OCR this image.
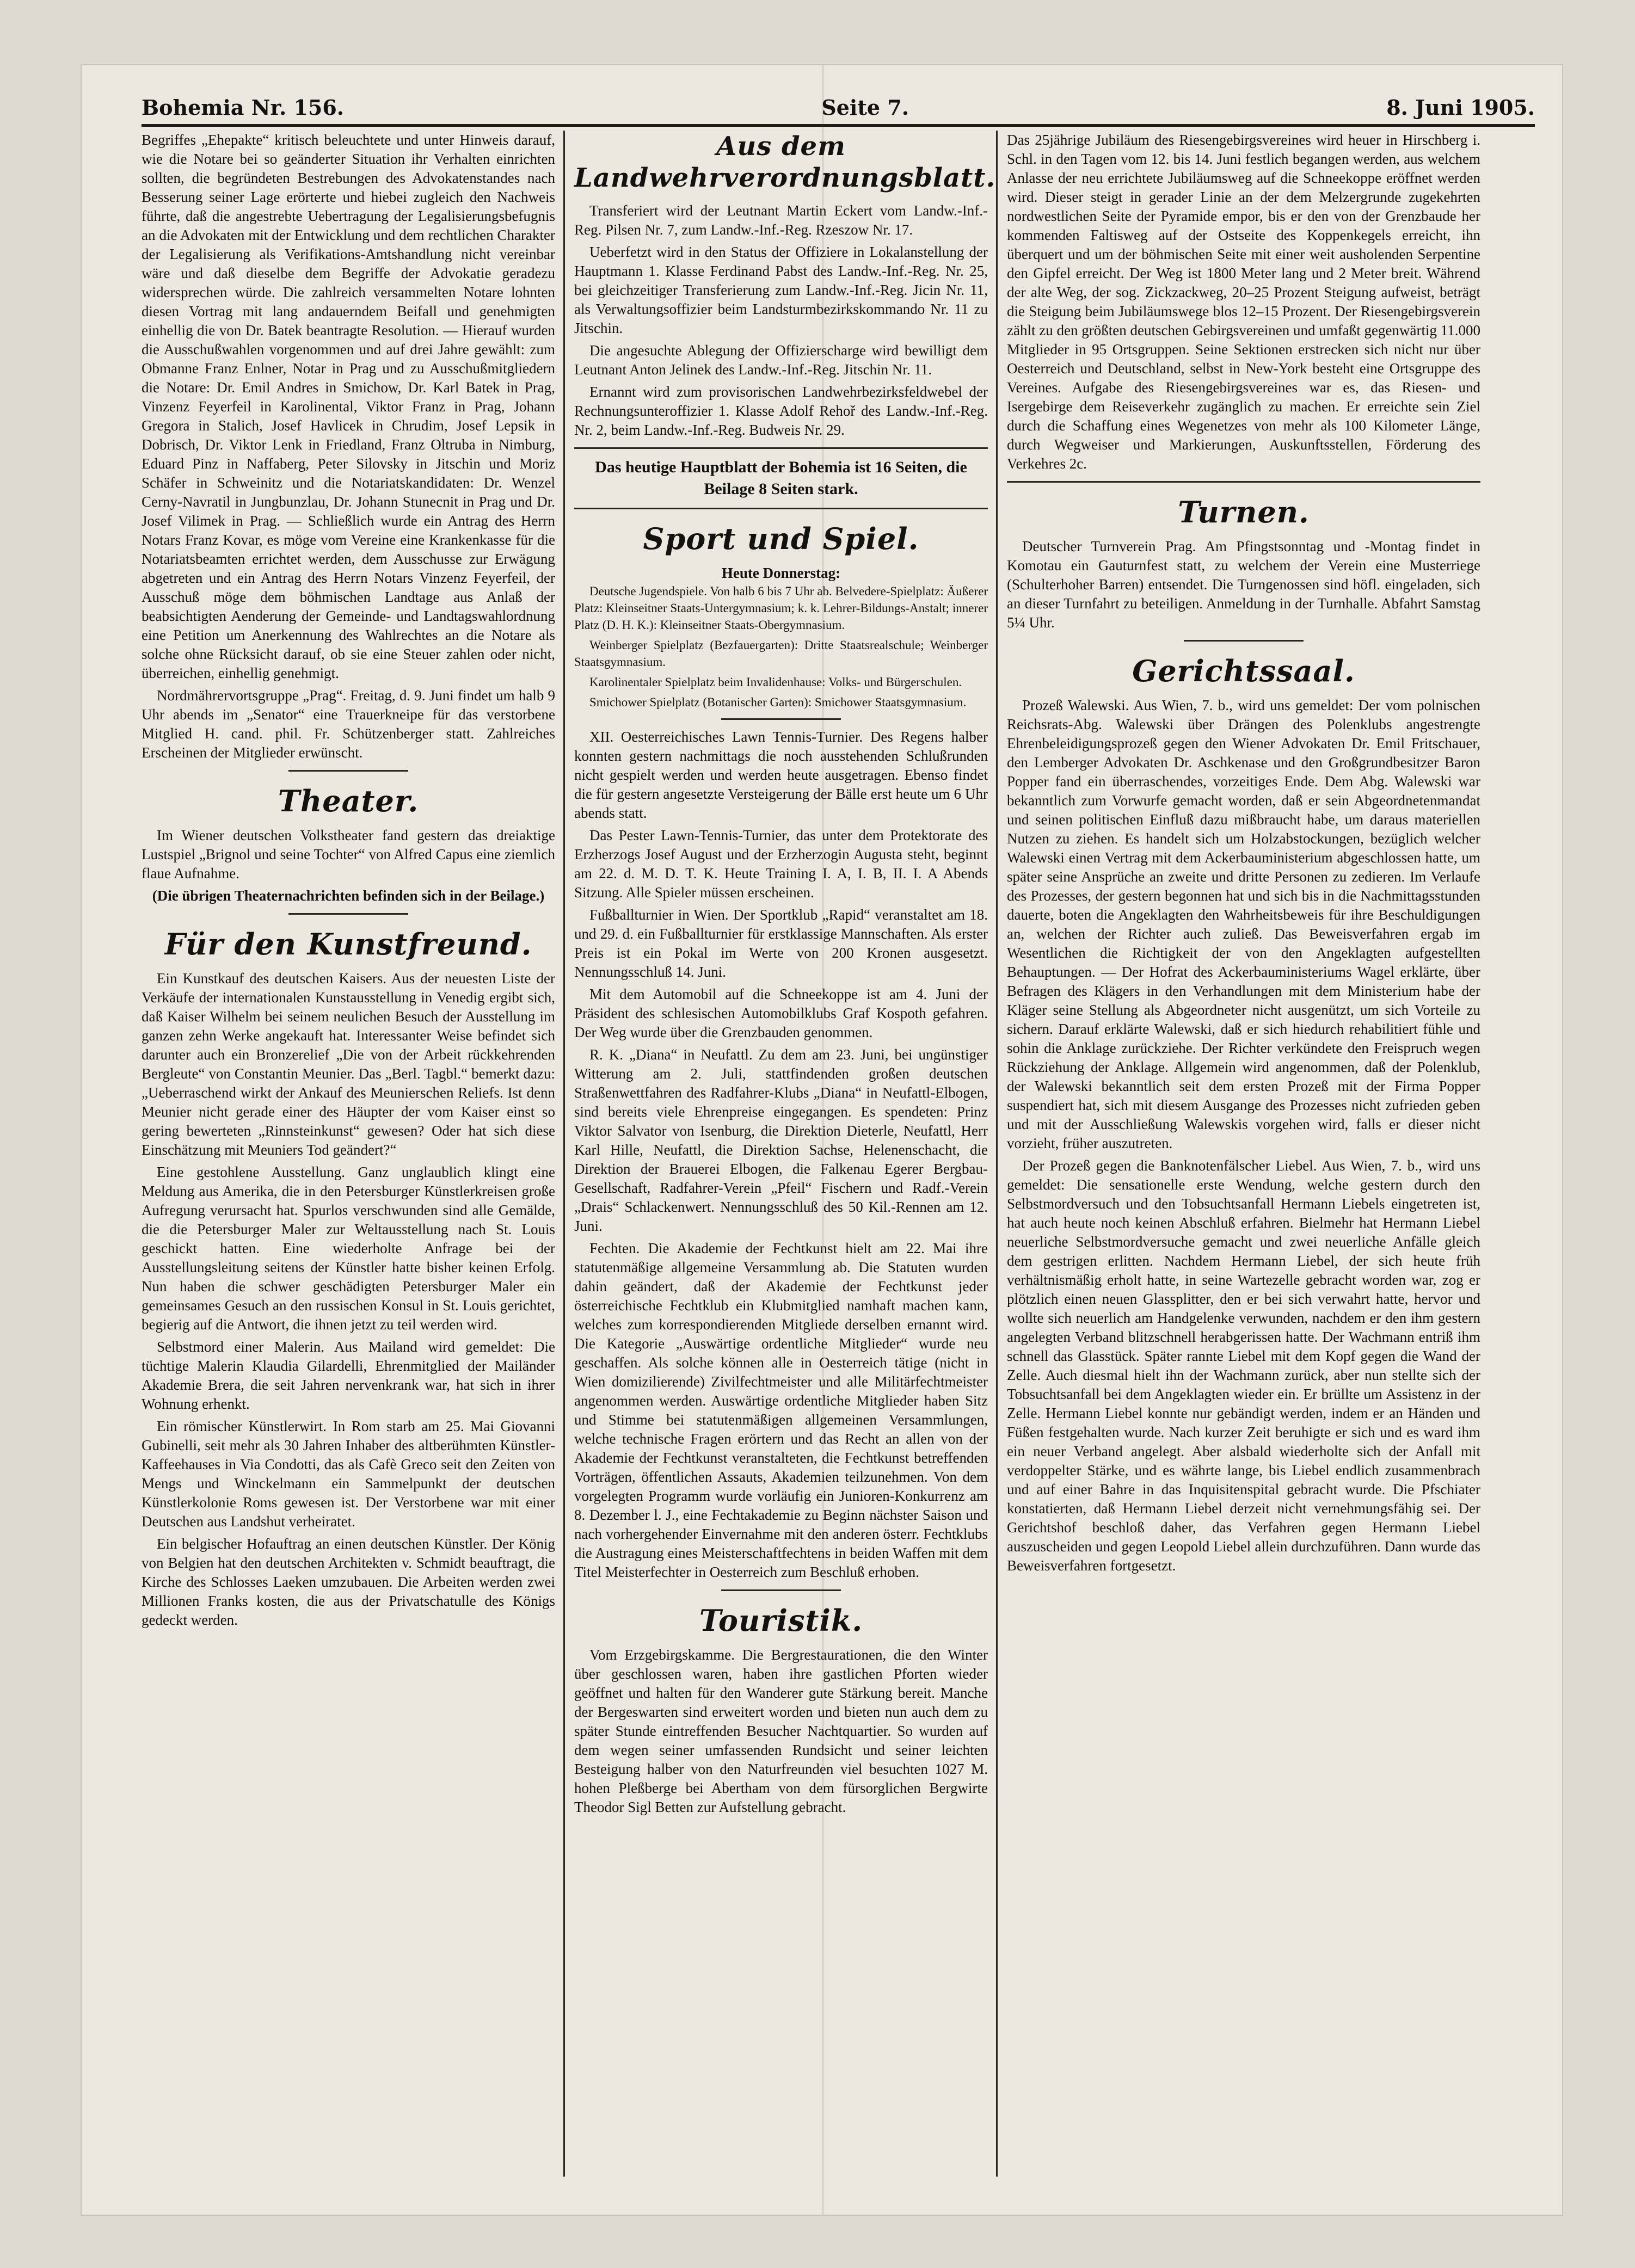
Bohemia Nr. 156.	Seite 7.	8. Juni 1905.

Begriffes „Ehepakte“ kritisch beleuchtete und unter Hinweis darauf, wie die Notare bei so geänderter Situation ihr Verhalten einrichten sollten, die begründeten Bestrebungen des Advokatenstandes nach Besserung seiner Lage erörterte und hiebei zugleich den Nachweis führte, daß die angestrebte Uebertragung der Legalisierungsbefugnis an die Advokaten mit der Entwicklung und dem rechtlichen Charakter der Legalisierung als Verifikations-Amtshandlung nicht vereinbar wäre und daß dieselbe dem Begriffe der Advokatie geradezu widersprechen würde. Die zahlreich versammelten Notare lohnten diesen Vortrag mit lang andauerndem Beifall und genehmigten einhellig die von Dr. Batek beantragte Resolution. — Hierauf wurden die Ausschußwahlen vorgenommen und auf drei Jahre gewählt: zum Obmanne Franz Enlner, Notar in Prag und zu Ausschußmitgliedern die Notare: Dr. Emil Andres in Smichow, Dr. Karl Batek in Prag, Vinzenz Feyerfeil in Karolinental, Viktor Franz in Prag, Johann Gregora in Stalich, Josef Havlicek in Chrudim, Josef Lepsik in Dobrisch, Dr. Viktor Lenk in Friedland, Franz Oltruba in Nimburg, Eduard Pinz in Naffaberg, Peter Silovsky in Jitschin und Moriz Schäfer in Schweinitz und die Notariatskandidaten: Dr. Wenzel Cerny-Navratil in Jungbunzlau, Dr. Johann Stunecnit in Prag und Dr. Josef Vilimek in Prag. — Schließlich wurde ein Antrag des Herrn Notars Franz Kovar, es möge vom Vereine eine Krankenkasse für die Notariatsbeamten errichtet werden, dem Ausschusse zur Erwägung abgetreten und ein Antrag des Herrn Notars Vinzenz Feyerfeil, der Ausschuß möge dem böhmischen Landtage aus Anlaß der beabsichtigten Aenderung der Gemeinde- und Landtagswahlordnung eine Petition um Anerkennung des Wahlrechtes an die Notare als solche ohne Rücksicht darauf, ob sie eine Steuer zahlen oder nicht, überreichen, einhellig genehmigt.

Nordmährervortsgruppe „Prag“. Freitag, d. 9. Juni findet um halb 9 Uhr abends im „Senator“ eine Trauerkneipe für das verstorbene Mitglied H. cand. phil. Fr. Schützenberger statt. Zahlreiches Erscheinen der Mitglieder erwünscht.

Theater.

Im Wiener deutschen Volkstheater fand gestern das dreiaktige Lustspiel „Brignol und seine Tochter“ von Alfred Capus eine ziemlich flaue Aufnahme.

(Die übrigen Theaternachrichten befinden sich in der Beilage.)

Für den Kunstfreund.

Ein Kunstkauf des deutschen Kaisers. Aus der neuesten Liste der Verkäufe der internationalen Kunstausstellung in Venedig ergibt sich, daß Kaiser Wilhelm bei seinem neulichen Besuch der Ausstellung im ganzen zehn Werke angekauft hat. Interessanter Weise befindet sich darunter auch ein Bronzerelief „Die von der Arbeit rückkehrenden Bergleute“ von Constantin Meunier. Das „Berl. Tagbl.“ bemerkt dazu: „Ueberraschend wirkt der Ankauf des Meunierschen Reliefs. Ist denn Meunier nicht gerade einer des Häupter der vom Kaiser einst so gering bewerteten „Rinnsteinkunst“ gewesen? Oder hat sich diese Einschätzung mit Meuniers Tod geändert?“

Eine gestohlene Ausstellung. Ganz unglaublich klingt eine Meldung aus Amerika, die in den Petersburger Künstlerkreisen große Aufregung verursacht hat. Spurlos verschwunden sind alle Gemälde, die die Petersburger Maler zur Weltausstellung nach St. Louis geschickt hatten. Eine wiederholte Anfrage bei der Ausstellungsleitung seitens der Künstler hatte bisher keinen Erfolg. Nun haben die schwer geschädigten Petersburger Maler ein gemeinsames Gesuch an den russischen Konsul in St. Louis gerichtet, begierig auf die Antwort, die ihnen jetzt zu teil werden wird.

Selbstmord einer Malerin. Aus Mailand wird gemeldet: Die tüchtige Malerin Klaudia Gilardelli, Ehrenmitglied der Mailänder Akademie Brera, die seit Jahren nervenkrank war, hat sich in ihrer Wohnung erhenkt.

Ein römischer Künstlerwirt. In Rom starb am 25. Mai Giovanni Gubinelli, seit mehr als 30 Jahren Inhaber des altberühmten Künstler-Kaffeehauses in Via Condotti, das als Cafè Greco seit den Zeiten von Mengs und Winckelmann ein Sammelpunkt der deutschen Künstlerkolonie Roms gewesen ist. Der Verstorbene war mit einer Deutschen aus Landshut verheiratet.

Ein belgischer Hofauftrag an einen deutschen Künstler. Der König von Belgien hat den deutschen Architekten v. Schmidt beauftragt, die Kirche des Schlosses Laeken umzubauen. Die Arbeiten werden zwei Millionen Franks kosten, die aus der Privatschatulle des Königs gedeckt werden.

Aus dem Landwehrverordnungsblatt.

Transferiert wird der Leutnant Martin Eckert vom Landw.-Inf.-Reg. Pilsen Nr. 7, zum Landw.-Inf.-Reg. Rzeszow Nr. 17.

Ueberfetzt wird in den Status der Offiziere in Lokalanstellung der Hauptmann 1. Klasse Ferdinand Pabst des Landw.-Inf.-Reg. Nr. 25, bei gleichzeitiger Transferierung zum Landw.-Inf.-Reg. Jicin Nr. 11, als Verwaltungsoffizier beim Landsturmbezirkskommando Nr. 11 zu Jitschin.

Die angesuchte Ablegung der Offizierscharge wird bewilligt dem Leutnant Anton Jelinek des Landw.-Inf.-Reg. Jitschin Nr. 11.

Ernannt wird zum provisorischen Landwehrbezirksfeldwebel der Rechnungsunteroffizier 1. Klasse Adolf Rehoř des Landw.-Inf.-Reg. Nr. 2, beim Landw.-Inf.-Reg. Budweis Nr. 29.

Das heutige Hauptblatt der Bohemia ist 16 Seiten, die Beilage 8 Seiten stark.
Sport und Spiel.
Heute Donnerstag:

Deutsche Jugendspiele. Von halb 6 bis 7 Uhr ab. Belvedere-Spielplatz: Äußerer Platz: Kleinseitner Staats-Untergymnasium; k. k. Lehrer-Bildungs-Anstalt; innerer Platz (D. H. K.): Kleinseitner Staats-Obergymnasium.

Weinberger Spielplatz (Bezfauergarten): Dritte Staatsrealschule; Weinberger Staatsgymnasium.

Karolinentaler Spielplatz beim Invalidenhause: Volks- und Bürgerschulen.

Smichower Spielplatz (Botanischer Garten): Smichower Staatsgymnasium.

XII. Oesterreichisches Lawn Tennis-Turnier. Des Regens halber konnten gestern nachmittags die noch ausstehenden Schlußrunden nicht gespielt werden und werden heute ausgetragen. Ebenso findet die für gestern angesetzte Versteigerung der Bälle erst heute um 6 Uhr abends statt.

Das Pester Lawn-Tennis-Turnier, das unter dem Protektorate des Erzherzogs Josef August und der Erzherzogin Augusta steht, beginnt am 22. d. M. D. T. K. Heute Training I. A, I. B, II. I. A Abends Sitzung. Alle Spieler müssen erscheinen.

Fußballturnier in Wien. Der Sportklub „Rapid“ veranstaltet am 18. und 29. d. ein Fußballturnier für erstklassige Mannschaften. Als erster Preis ist ein Pokal im Werte von 200 Kronen ausgesetzt. Nennungsschluß 14. Juni.

Mit dem Automobil auf die Schneekoppe ist am 4. Juni der Präsident des schlesischen Automobilklubs Graf Kospoth gefahren. Der Weg wurde über die Grenzbauden genommen.

R. K. „Diana“ in Neufattl. Zu dem am 23. Juni, bei ungünstiger Witterung am 2. Juli, stattfindenden großen deutschen Straßenwettfahren des Radfahrer-Klubs „Diana“ in Neufattl-Elbogen, sind bereits viele Ehrenpreise eingegangen. Es spendeten: Prinz Viktor Salvator von Isenburg, die Direktion Dieterle, Neufattl, Herr Karl Hille, Neufattl, die Direktion Sachse, Helenenschacht, die Direktion der Brauerei Elbogen, die Falkenau Egerer Bergbau-Gesellschaft, Radfahrer-Verein „Pfeil“ Fischern und Radf.-Verein „Drais“ Schlackenwert. Nennungsschluß des 50 Kil.-Rennen am 12. Juni.

Fechten. Die Akademie der Fechtkunst hielt am 22. Mai ihre statutenmäßige allgemeine Versammlung ab. Die Statuten wurden dahin geändert, daß der Akademie der Fechtkunst jeder österreichische Fechtklub ein Klubmitglied namhaft machen kann, welches zum korrespondierenden Mitgliede derselben ernannt wird. Die Kategorie „Auswärtige ordentliche Mitglieder“ wurde neu geschaffen. Als solche können alle in Oesterreich tätige (nicht in Wien domizilierende) Zivilfechtmeister und alle Militärfechtmeister angenommen werden. Auswärtige ordentliche Mitglieder haben Sitz und Stimme bei statutenmäßigen allgemeinen Versammlungen, welche technische Fragen erörtern und das Recht an allen von der Akademie der Fechtkunst veranstalteten, die Fechtkunst betreffenden Vorträgen, öffentlichen Assauts, Akademien teilzunehmen. Von dem vorgelegten Programm wurde vorläufig ein Junioren-Konkurrenz am 8. Dezember l. J., eine Fechtakademie zu Beginn nächster Saison und nach vorhergehender Einvernahme mit den anderen österr. Fechtklubs die Austragung eines Meisterschaftfechtens in beiden Waffen mit dem Titel Meisterfechter in Oesterreich zum Beschluß erhoben.

Touristik.

Vom Erzgebirgskamme. Die Bergrestaurationen, die den Winter über geschlossen waren, haben ihre gastlichen Pforten wieder geöffnet und halten für den Wanderer gute Stärkung bereit. Manche der Bergeswarten sind erweitert worden und bieten nun auch dem zu später Stunde eintreffenden Besucher Nachtquartier. So wurden auf dem wegen seiner umfassenden Rundsicht und seiner leichten Besteigung halber von den Naturfreunden viel besuchten 1027 M. hohen Pleßberge bei Abertham von dem fürsorglichen Bergwirte Theodor Sigl Betten zur Aufstellung gebracht.

Das 25jährige Jubiläum des Riesengebirgsvereines wird heuer in Hirschberg i. Schl. in den Tagen vom 12. bis 14. Juni festlich begangen werden, aus welchem Anlasse der neu errichtete Jubiläumsweg auf die Schneekoppe eröffnet werden wird. Dieser steigt in gerader Linie an der dem Melzergrunde zugekehrten nordwestlichen Seite der Pyramide empor, bis er den von der Grenzbaude her kommenden Faltisweg auf der Ostseite des Koppenkegels erreicht, ihn überquert und um der böhmischen Seite mit einer weit ausholenden Serpentine den Gipfel erreicht. Der Weg ist 1800 Meter lang und 2 Meter breit. Während der alte Weg, der sog. Zickzackweg, 20–25 Prozent Steigung aufweist, beträgt die Steigung beim Jubiläumswege blos 12–15 Prozent. Der Riesengebirgsverein zählt zu den größten deutschen Gebirgsvereinen und umfaßt gegenwärtig 11.000 Mitglieder in 95 Ortsgruppen. Seine Sektionen erstrecken sich nicht nur über Oesterreich und Deutschland, selbst in New-York besteht eine Ortsgruppe des Vereines. Aufgabe des Riesengebirgsvereines war es, das Riesen- und Isergebirge dem Reiseverkehr zugänglich zu machen. Er erreichte sein Ziel durch die Schaffung eines Wegenetzes von mehr als 100 Kilometer Länge, durch Wegweiser und Markierungen, Auskunftsstellen, Förderung des Verkehres 2c.

Turnen.

Deutscher Turnverein Prag. Am Pfingstsonntag und -Montag findet in Komotau ein Gauturnfest statt, zu welchem der Verein eine Musterriege (Schulterhoher Barren) entsendet. Die Turngenossen sind höfl. eingeladen, sich an dieser Turnfahrt zu beteiligen. Anmeldung in der Turnhalle. Abfahrt Samstag 5¼ Uhr.

Gerichtssaal.

Prozeß Walewski. Aus Wien, 7. b., wird uns gemeldet: Der vom polnischen Reichsrats-Abg. Walewski über Drängen des Polenklubs angestrengte Ehrenbeleidigungsprozeß gegen den Wiener Advokaten Dr. Emil Fritschauer, den Lemberger Advokaten Dr. Aschkenase und den Großgrundbesitzer Baron Popper fand ein überraschendes, vorzeitiges Ende. Dem Abg. Walewski war bekanntlich zum Vorwurfe gemacht worden, daß er sein Abgeordnetenmandat und seinen politischen Einfluß dazu mißbraucht habe, um daraus materiellen Nutzen zu ziehen. Es handelt sich um Holzabstockungen, bezüglich welcher Walewski einen Vertrag mit dem Ackerbauministerium abgeschlossen hatte, um später seine Ansprüche an zweite und dritte Personen zu zedieren. Im Verlaufe des Prozesses, der gestern begonnen hat und sich bis in die Nachmittagsstunden dauerte, boten die Angeklagten den Wahrheitsbeweis für ihre Beschuldigungen an, welchen der Richter auch zuließ. Das Beweisverfahren ergab im Wesentlichen die Richtigkeit der von den Angeklagten aufgestellten Behauptungen. — Der Hofrat des Ackerbauministeriums Wagel erklärte, über Befragen des Klägers in den Verhandlungen mit dem Ministerium habe der Kläger seine Stellung als Abgeordneter nicht ausgenützt, um sich Vorteile zu sichern. Darauf erklärte Walewski, daß er sich hiedurch rehabilitiert fühle und sohin die Anklage zurückziehe. Der Richter verkündete den Freispruch wegen Rückziehung der Anklage. Allgemein wird angenommen, daß der Polenklub, der Walewski bekanntlich seit dem ersten Prozeß mit der Firma Popper suspendiert hat, sich mit diesem Ausgange des Prozesses nicht zufrieden geben und mit der Ausschließung Walewskis vorgehen wird, falls er dieser nicht vorzieht, früher auszutreten.

Der Prozeß gegen die Banknotenfälscher Liebel. Aus Wien, 7. b., wird uns gemeldet: Die sensationelle erste Wendung, welche gestern durch den Selbstmordversuch und den Tobsuchtsanfall Hermann Liebels eingetreten ist, hat auch heute noch keinen Abschluß erfahren. Bielmehr hat Hermann Liebel neuerliche Selbstmordversuche gemacht und zwei neuerliche Anfälle gleich dem gestrigen erlitten. Nachdem Hermann Liebel, der sich heute früh verhältnismäßig erholt hatte, in seine Wartezelle gebracht worden war, zog er plötzlich einen neuen Glassplitter, den er bei sich verwahrt hatte, hervor und wollte sich neuerlich am Handgelenke verwunden, nachdem er den ihm gestern angelegten Verband blitzschnell herabgerissen hatte. Der Wachmann entriß ihm schnell das Glasstück. Später rannte Liebel mit dem Kopf gegen die Wand der Zelle. Auch diesmal hielt ihn der Wachmann zurück, aber nun stellte sich der Tobsuchtsanfall bei dem Angeklagten wieder ein. Er brüllte um Assistenz in der Zelle. Hermann Liebel konnte nur gebändigt werden, indem er an Händen und Füßen festgehalten wurde. Nach kurzer Zeit beruhigte er sich und es ward ihm ein neuer Verband angelegt. Aber alsbald wiederholte sich der Anfall mit verdoppelter Stärke, und es währte lange, bis Liebel endlich zusammenbrach und auf einer Bahre in das Inquisitenspital gebracht wurde. Die Pfschiater konstatierten, daß Hermann Liebel derzeit nicht vernehmungsfähig sei. Der Gerichtshof beschloß daher, das Verfahren gegen Hermann Liebel auszuscheiden und gegen Leopold Liebel allein durchzuführen. Dann wurde das Beweisverfahren fortgesetzt.
